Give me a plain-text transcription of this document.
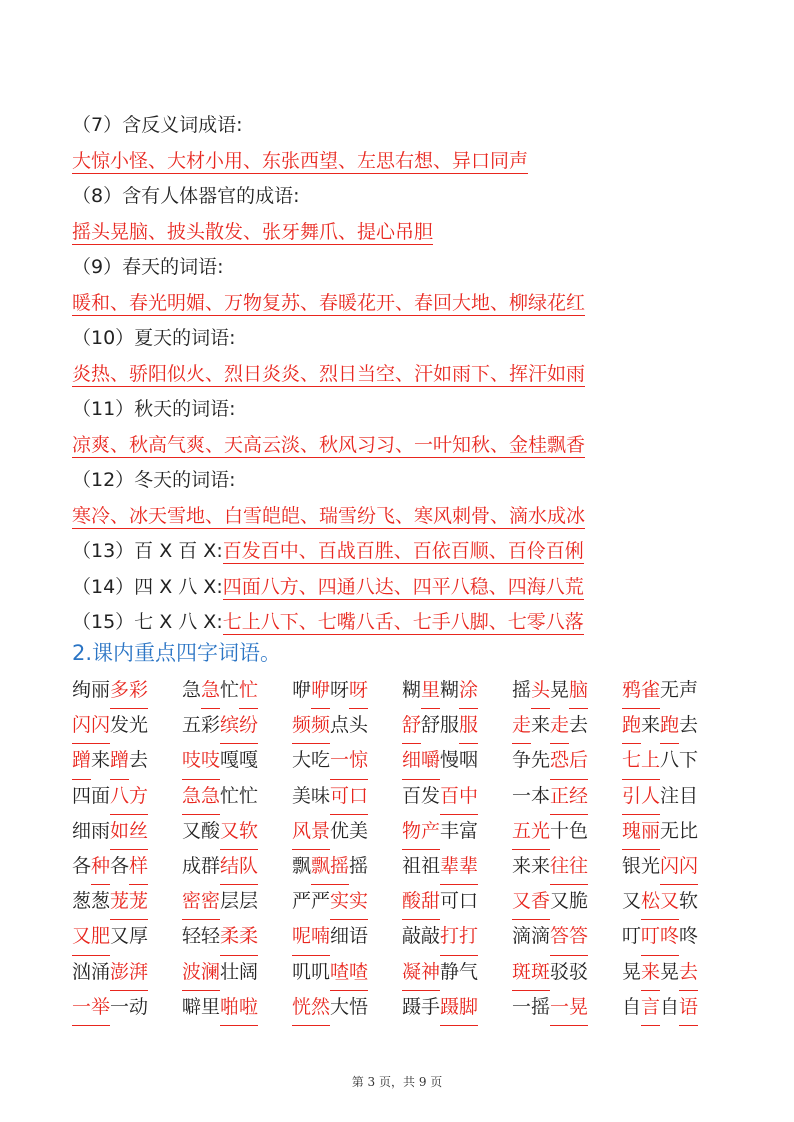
（7）含反义词成语:
大惊小怪、大材小用、东张西望、左思右想、异口同声
（8）含有人体器官的成语:
摇头晃脑、披头散发、张牙舞爪、提心吊胆
（9）春天的词语:
暖和、春光明媚、万物复苏、春暖花开、春回大地、柳绿花红
（10）夏天的词语:
炎热、骄阳似火、烈日炎炎、烈日当空、汗如雨下、挥汗如雨
（11）秋天的词语:
凉爽、秋高气爽、天高云淡、秋风习习、一叶知秋、金桂飘香
（12）冬天的词语:
寒冷、冰天雪地、白雪皑皑、瑞雪纷飞、寒风刺骨、滴水成冰
（13）百 X 百 X:百发百中、百战百胜、百依百顺、百伶百俐
（14）四 X 八 X:四面八方、四通八达、四平八稳、四海八荒
（15）七 X 八 X:七上八下、七嘴八舌、七手八脚、七零八落
2.课内重点四字词语。
绚丽多彩	急急忙忙	咿咿呀呀	糊里糊涂	摇头晃脑	鸦雀无声
闪闪发光	五彩缤纷	频频点头	舒舒服服	走来走去	跑来跑去
蹭来蹭去	吱吱嘎嘎	大吃一惊	细嚼慢咽	争先恐后	七上八下
四面八方	急急忙忙	美味可口	百发百中	一本正经	引人注目
细雨如丝	又酸又软	风景优美	物产丰富	五光十色	瑰丽无比
各种各样	成群结队	飘飘摇摇	祖祖辈辈	来来往往	银光闪闪
葱葱茏茏	密密层层	严严实实	酸甜可口	又香又脆	又松又软
又肥又厚	轻轻柔柔	呢喃细语	敲敲打打	滴滴答答	叮叮咚咚
汹涌澎湃	波澜壮阔	叽叽喳喳	凝神静气	斑斑驳驳	晃来晃去
一举一动	噼里啪啦	恍然大悟	蹑手蹑脚	一摇一晃	自言自语
第 3 页，共 9 页
